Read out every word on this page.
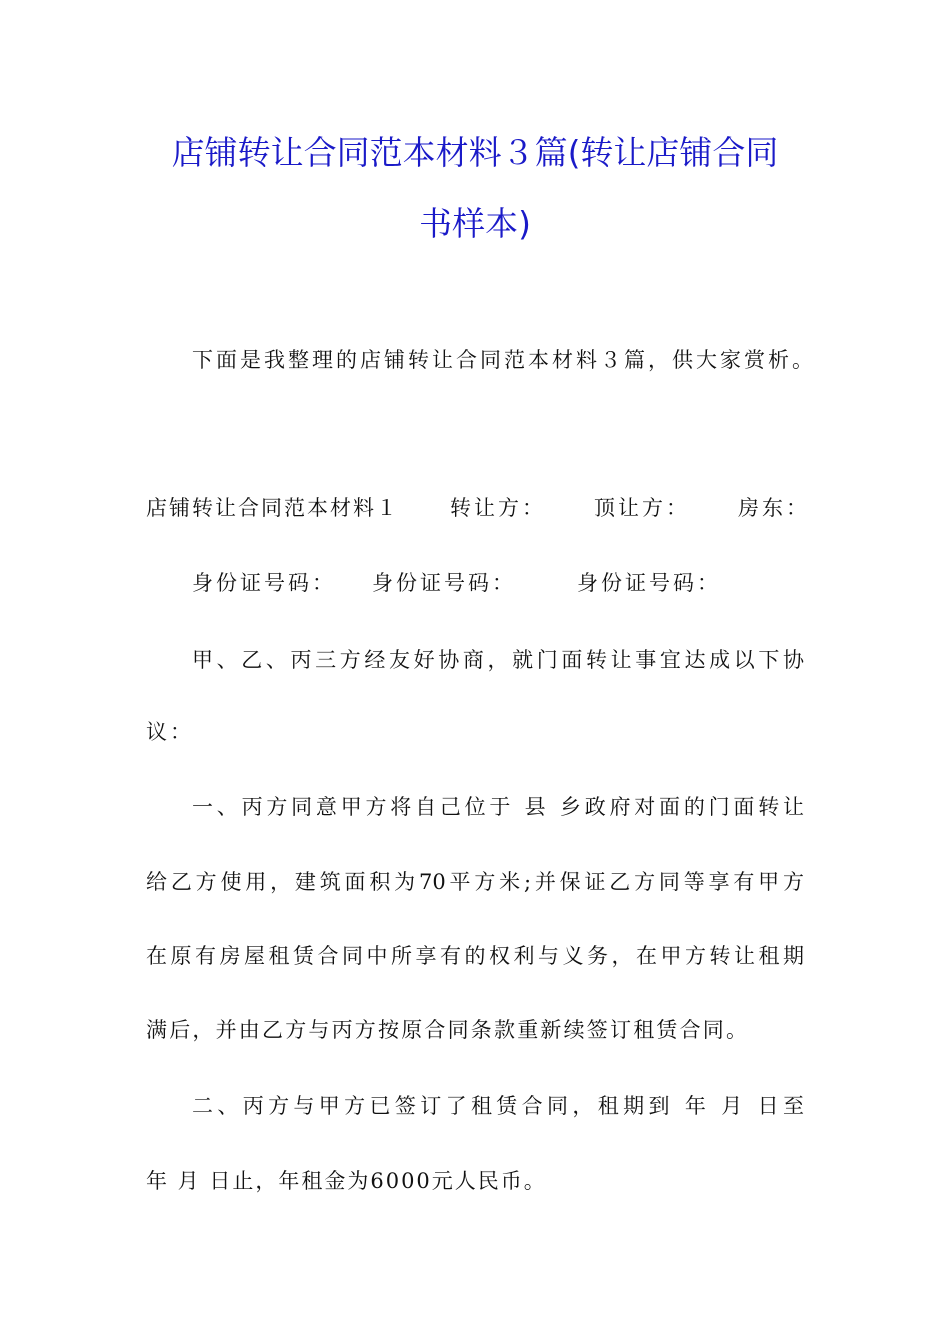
店铺转让合同范本材料３篇(转让店铺合同
书样本)
下面是我整理的店铺转让合同范本材料３篇，供大家赏析。
店铺转让合同范本材料１ 转让方： 顶让方： 房东：
身份证号码： 身份证号码：	身份证号码：
甲、乙、丙三方经友好协商，就门面转让事宜达成以下协
议：
一、丙方同意甲方将自己位于 县 乡政府对面的门面转让
给乙方使用，建筑面积为70平方米;并保证乙方同等享有甲方
在原有房屋租赁合同中所享有的权利与义务，在甲方转让租期
满后，并由乙方与丙方按原合同条款重新续签订租赁合同。
二、丙方与甲方已签订了租赁合同，租期到 年 月 日至
年 月 日止，年租金为6000元人民币。
